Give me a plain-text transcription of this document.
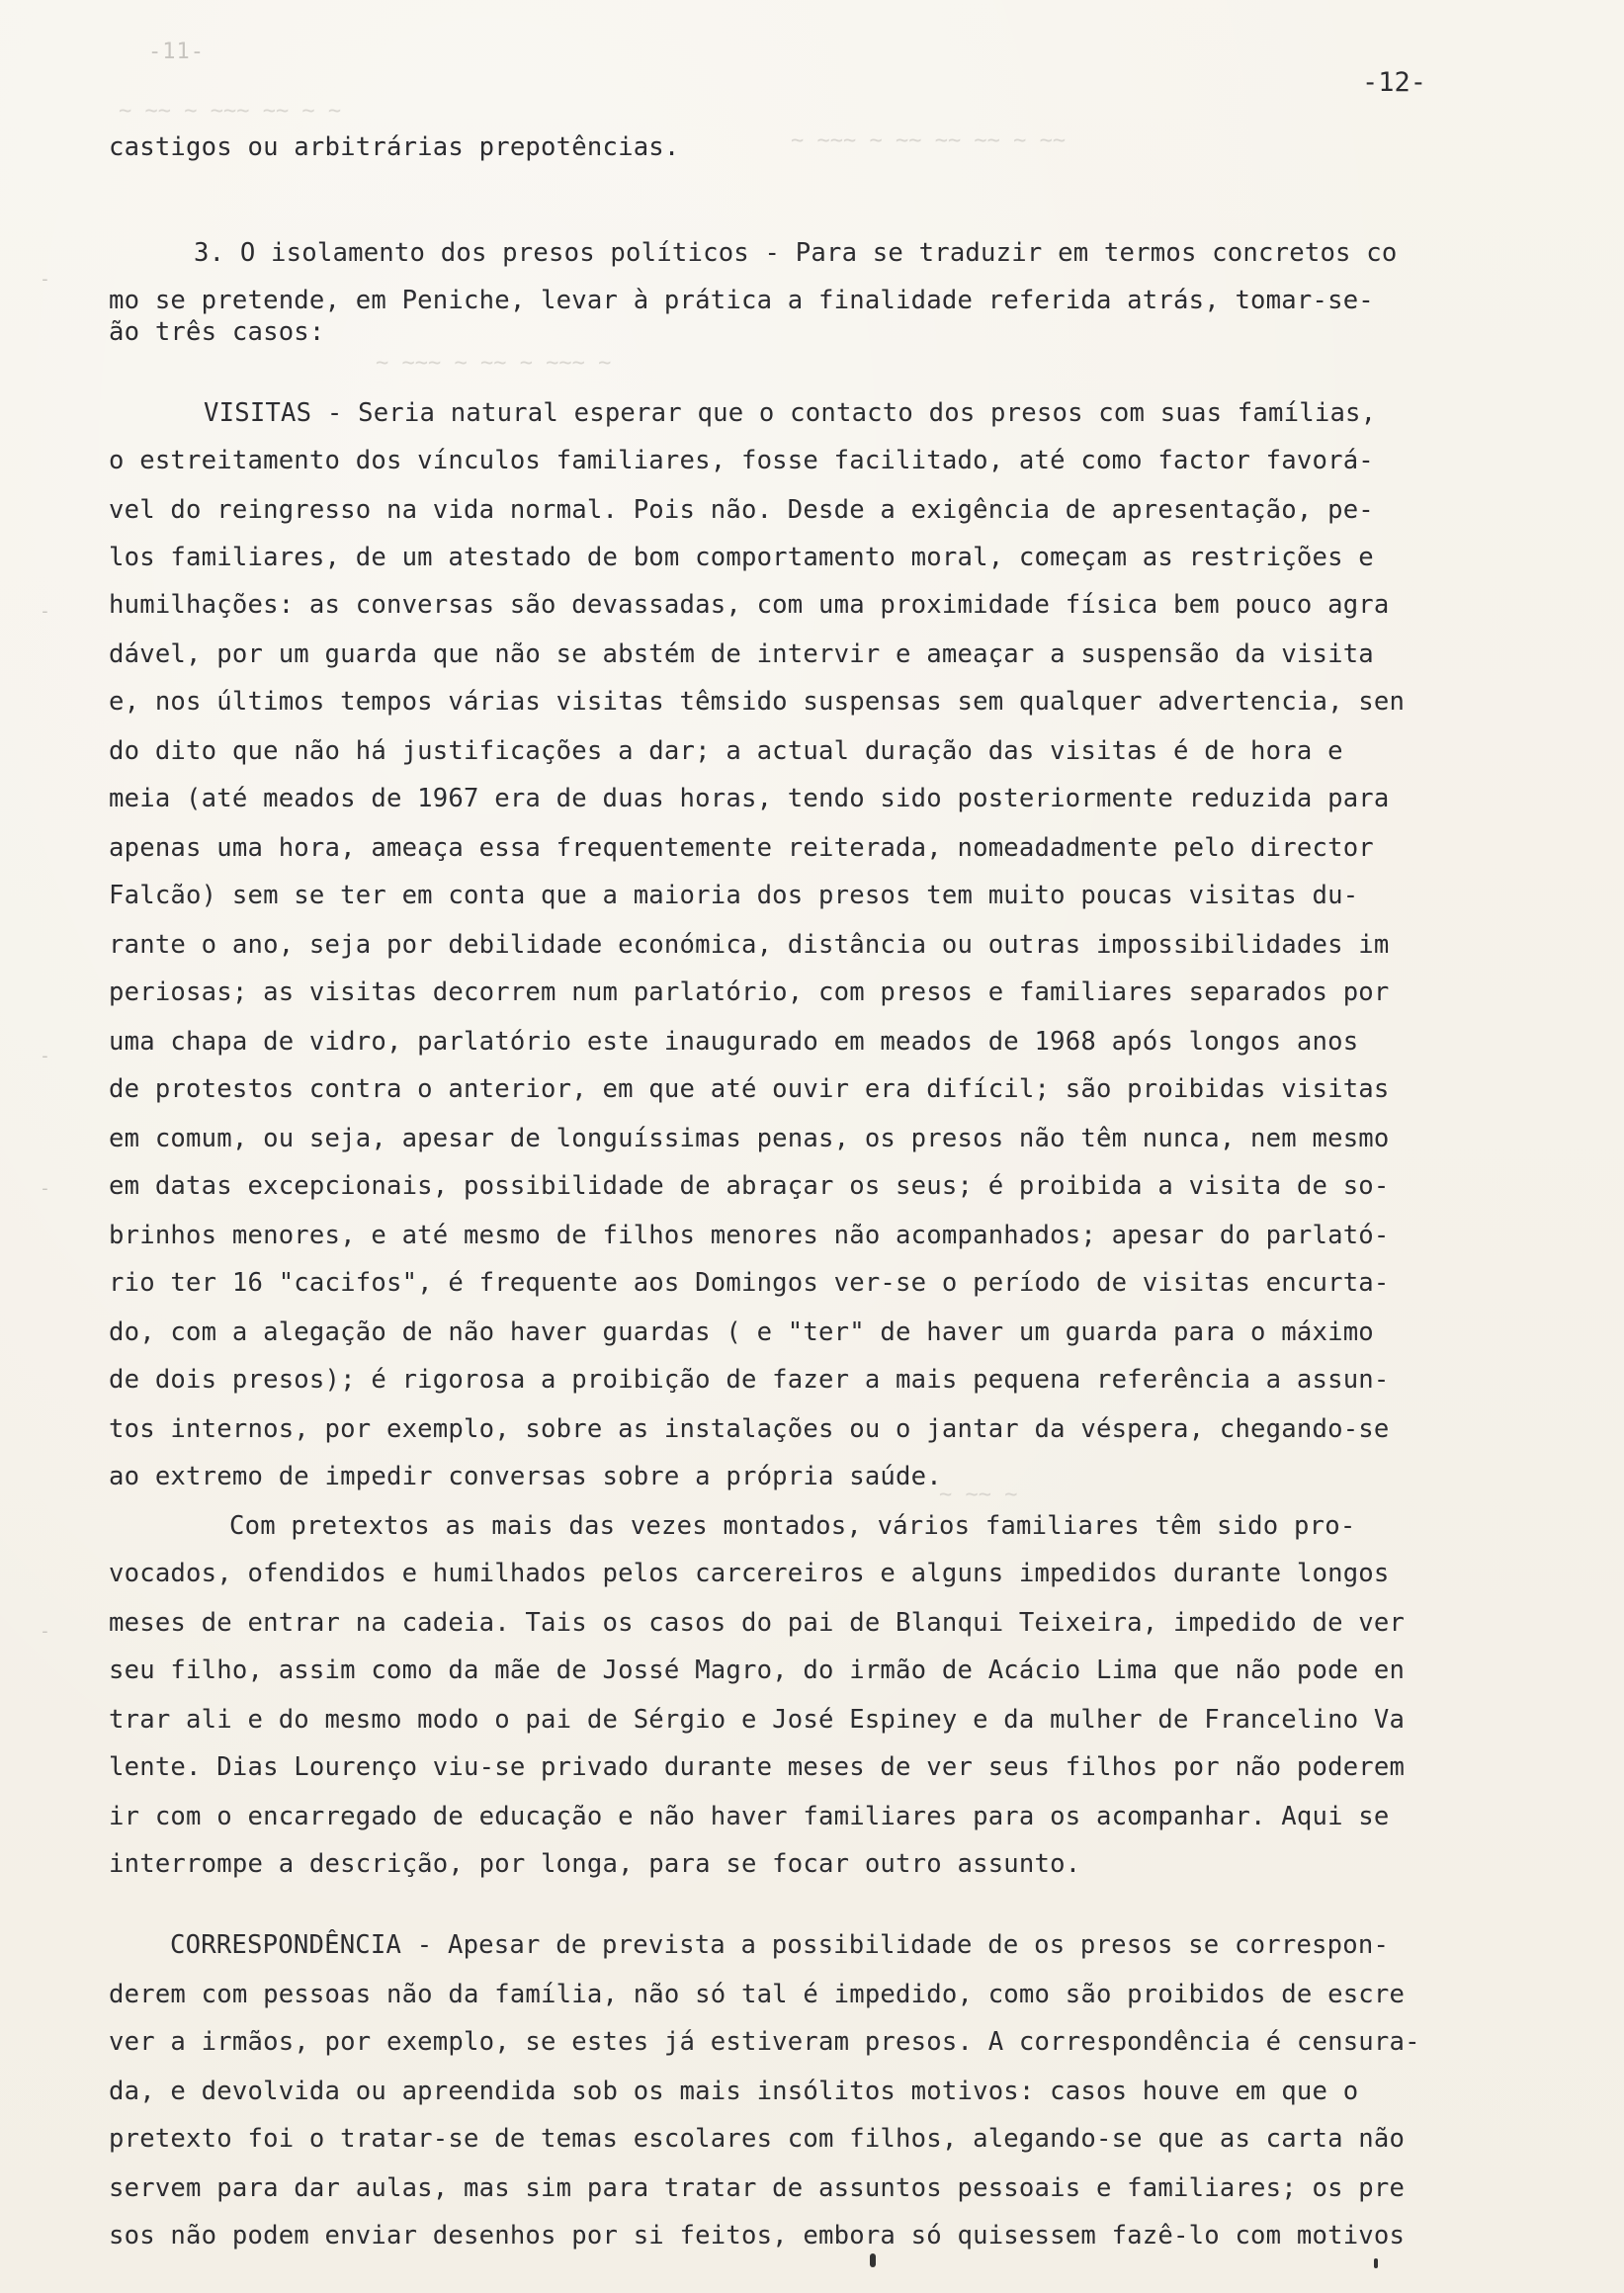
-11-
-12-
~ ~~ ~ ~~~ ~~ ~ ~
~ ~~~ ~ ~~ ~~ ~~ ~ ~~
~ ~~~ ~ ~~ ~ ~~~ ~
~ ~~ ~
-
-
-
-
-
castigos ou arbitrárias prepotências.
3. O isolamento dos presos políticos - Para se traduzir em termos concretos co
mo se pretende, em Peniche, levar à prática a finalidade referida atrás, tomar-se-
ão três casos:
VISITAS - Seria natural esperar que o contacto dos presos com suas famílias,
o estreitamento dos vínculos familiares, fosse facilitado, até como factor favorá-
vel do reingresso na vida normal. Pois não. Desde a exigência de apresentação, pe-
los familiares, de um atestado de bom comportamento moral, começam as restrições e
humilhações: as conversas são devassadas, com uma proximidade física bem pouco agra
dável, por um guarda que não se abstém de intervir e ameaçar a suspensão da visita
e, nos últimos tempos várias visitas têmsido suspensas sem qualquer advertencia, sen
do dito que não há justificações a dar; a actual duração das visitas é de hora e
meia (até meados de 1967 era de duas horas, tendo sido posteriormente reduzida para
apenas uma hora, ameaça essa frequentemente reiterada, nomeadadmente pelo director
Falcão) sem se ter em conta que a maioria dos presos tem muito poucas visitas du-
rante o ano, seja por debilidade económica, distância ou outras impossibilidades im
periosas; as visitas decorrem num parlatório, com presos e familiares separados por
uma chapa de vidro, parlatório este inaugurado em meados de 1968 após longos anos
de protestos contra o anterior, em que até ouvir era difícil; são proibidas visitas
em comum, ou seja, apesar de longuíssimas penas, os presos não têm nunca, nem mesmo
em datas excepcionais, possibilidade de abraçar os seus; é proibida a visita de so-
brinhos menores, e até mesmo de filhos menores não acompanhados; apesar do parlató-
rio ter 16 "cacifos", é frequente aos Domingos ver-se o período de visitas encurta-
do, com a alegação de não haver guardas ( e "ter" de haver um guarda para o máximo
de dois presos); é rigorosa a proibição de fazer a mais pequena referência a assun-
tos internos, por exemplo, sobre as instalações ou o jantar da véspera, chegando-se
ao extremo de impedir conversas sobre a própria saúde.
Com pretextos as mais das vezes montados, vários familiares têm sido pro-
vocados, ofendidos e humilhados pelos carcereiros e alguns impedidos durante longos
meses de entrar na cadeia. Tais os casos do pai de Blanqui Teixeira, impedido de ver
seu filho, assim como da mãe de Jossé Magro, do irmão de Acácio Lima que não pode en
trar ali e do mesmo modo o pai de Sérgio e José Espiney e da mulher de Francelino Va
lente. Dias Lourenço viu-se privado durante meses de ver seus filhos por não poderem
ir com o encarregado de educação e não haver familiares para os acompanhar. Aqui se
interrompe a descrição, por longa, para se focar outro assunto.
CORRESPONDÊNCIA - Apesar de prevista a possibilidade de os presos se correspon-
derem com pessoas não da família, não só tal é impedido, como são proibidos de escre
ver a irmãos, por exemplo, se estes já estiveram presos. A correspondência é censura-
da, e devolvida ou apreendida sob os mais insólitos motivos: casos houve em que o
pretexto foi o tratar-se de temas escolares com filhos, alegando-se que as carta não
servem para dar aulas, mas sim para tratar de assuntos pessoais e familiares; os pre
sos não podem enviar desenhos por si feitos, embora só quisessem fazê-lo com motivos
